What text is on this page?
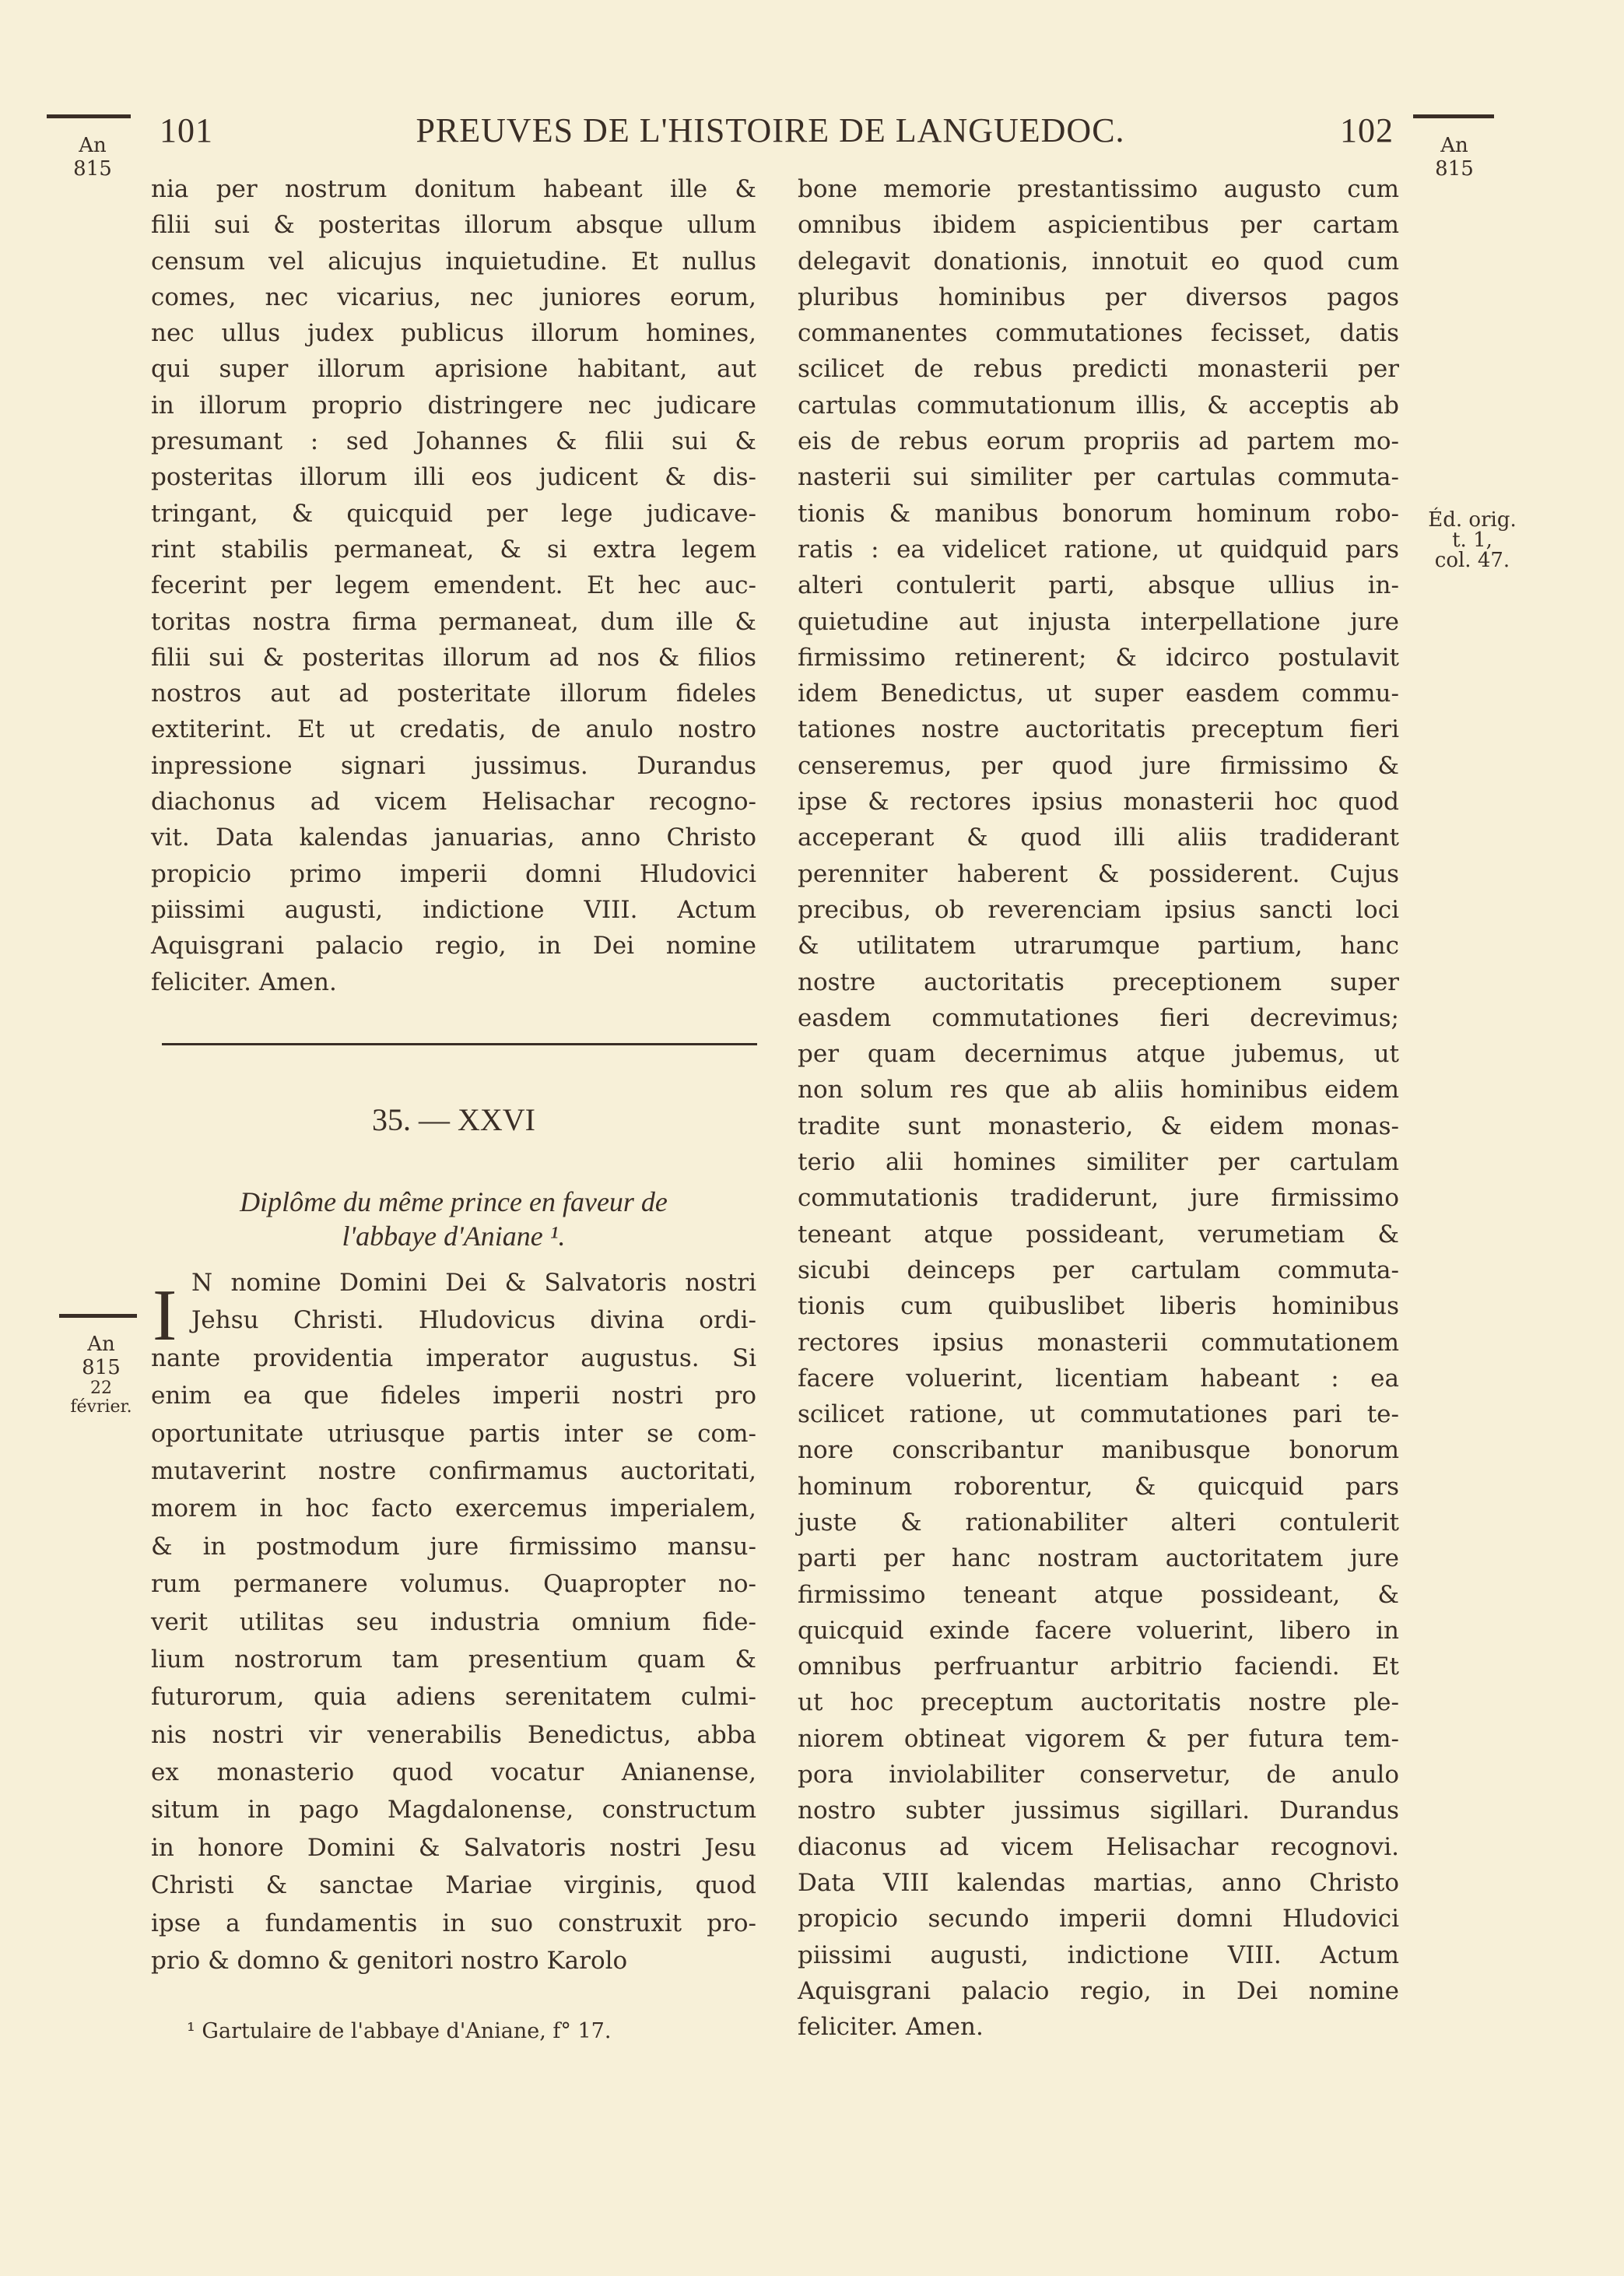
101	PREUVES DE L'HISTOIRE DE LANGUEDOC.	102
An
815
An
815
Éd. orig.
t. 1,
col. 47.
An
815
22
février.
nia per nostrum donitum habeant ille &
filii sui & posteritas illorum absque ullum
censum vel alicujus inquietudine. Et nullus
comes, nec vicarius, nec juniores eorum,
nec ullus judex publicus illorum homines,
qui super illorum aprisione habitant, aut
in illorum proprio distringere nec judicare
presumant : sed Johannes & filii sui &
posteritas illorum illi eos judicent & dis-
tringant, & quicquid per lege judicave-
rint stabilis permaneat, & si extra legem
fecerint per legem emendent. Et hec auc-
toritas nostra firma permaneat, dum ille &
filii sui & posteritas illorum ad nos & filios
nostros aut ad posteritate illorum fideles
extiterint. Et ut credatis, de anulo nostro
inpressione signari jussimus. Durandus
diachonus ad vicem Helisachar recogno-
vit. Data kalendas januarias, anno Christo
propicio primo imperii domni Hludovici
piissimi augusti, indictione VIII. Actum
Aquisgrani palacio regio, in Dei nomine
feliciter. Amen.
35. — XXVI
Diplôme du même prince en faveur de
l'abbaye d'Aniane ¹.
I N nomine Domini Dei & Salvatoris nostri
Jehsu Christi. Hludovicus divina ordi-
nante providentia imperator augustus. Si
enim ea que fideles imperii nostri pro
oportunitate utriusque partis inter se com-
mutaverint nostre confirmamus auctoritati,
morem in hoc facto exercemus imperialem,
& in postmodum jure firmissimo mansu-
rum permanere volumus. Quapropter no-
verit utilitas seu industria omnium fide-
lium nostrorum tam presentium quam &
futurorum, quia adiens serenitatem culmi-
nis nostri vir venerabilis Benedictus, abba
ex monasterio quod vocatur Anianense,
situm in pago Magdalonense, constructum
in honore Domini & Salvatoris nostri Jesu
Christi & sanctae Mariae virginis, quod
ipse a fundamentis in suo construxit pro-
prio & domno & genitori nostro Karolo
¹ Gartulaire de l'abbaye d'Aniane, f° 17.
bone memorie prestantissimo augusto cum
omnibus ibidem aspicientibus per cartam
delegavit donationis, innotuit eo quod cum
pluribus hominibus per diversos pagos
commanentes commutationes fecisset, datis
scilicet de rebus predicti monasterii per
cartulas commutationum illis, & acceptis ab
eis de rebus eorum propriis ad partem mo-
nasterii sui similiter per cartulas commuta-
tionis & manibus bonorum hominum robo-
ratis : ea videlicet ratione, ut quidquid pars
alteri contulerit parti, absque ullius in-
quietudine aut injusta interpellatione jure
firmissimo retinerent; & idcirco postulavit
idem Benedictus, ut super easdem commu-
tationes nostre auctoritatis preceptum fieri
censeremus, per quod jure firmissimo &
ipse & rectores ipsius monasterii hoc quod
acceperant & quod illi aliis tradiderant
perenniter haberent & possiderent. Cujus
precibus, ob reverenciam ipsius sancti loci
& utilitatem utrarumque partium, hanc
nostre auctoritatis preceptionem super
easdem commutationes fieri decrevimus;
per quam decernimus atque jubemus, ut
non solum res que ab aliis hominibus eidem
tradite sunt monasterio, & eidem monas-
terio alii homines similiter per cartulam
commutationis tradiderunt, jure firmissimo
teneant atque possideant, verumetiam &
sicubi deinceps per cartulam commuta-
tionis cum quibuslibet liberis hominibus
rectores ipsius monasterii commutationem
facere voluerint, licentiam habeant : ea
scilicet ratione, ut commutationes pari te-
nore conscribantur manibusque bonorum
hominum roborentur, & quicquid pars
juste & rationabiliter alteri contulerit
parti per hanc nostram auctoritatem jure
firmissimo teneant atque possideant, &
quicquid exinde facere voluerint, libero in
omnibus perfruantur arbitrio faciendi. Et
ut hoc preceptum auctoritatis nostre ple-
niorem obtineat vigorem & per futura tem-
pora inviolabiliter conservetur, de anulo
nostro subter jussimus sigillari. Durandus
diaconus ad vicem Helisachar recognovi.
Data VIII kalendas martias, anno Christo
propicio secundo imperii domni Hludovici
piissimi augusti, indictione VIII. Actum
Aquisgrani palacio regio, in Dei nomine
feliciter. Amen.
